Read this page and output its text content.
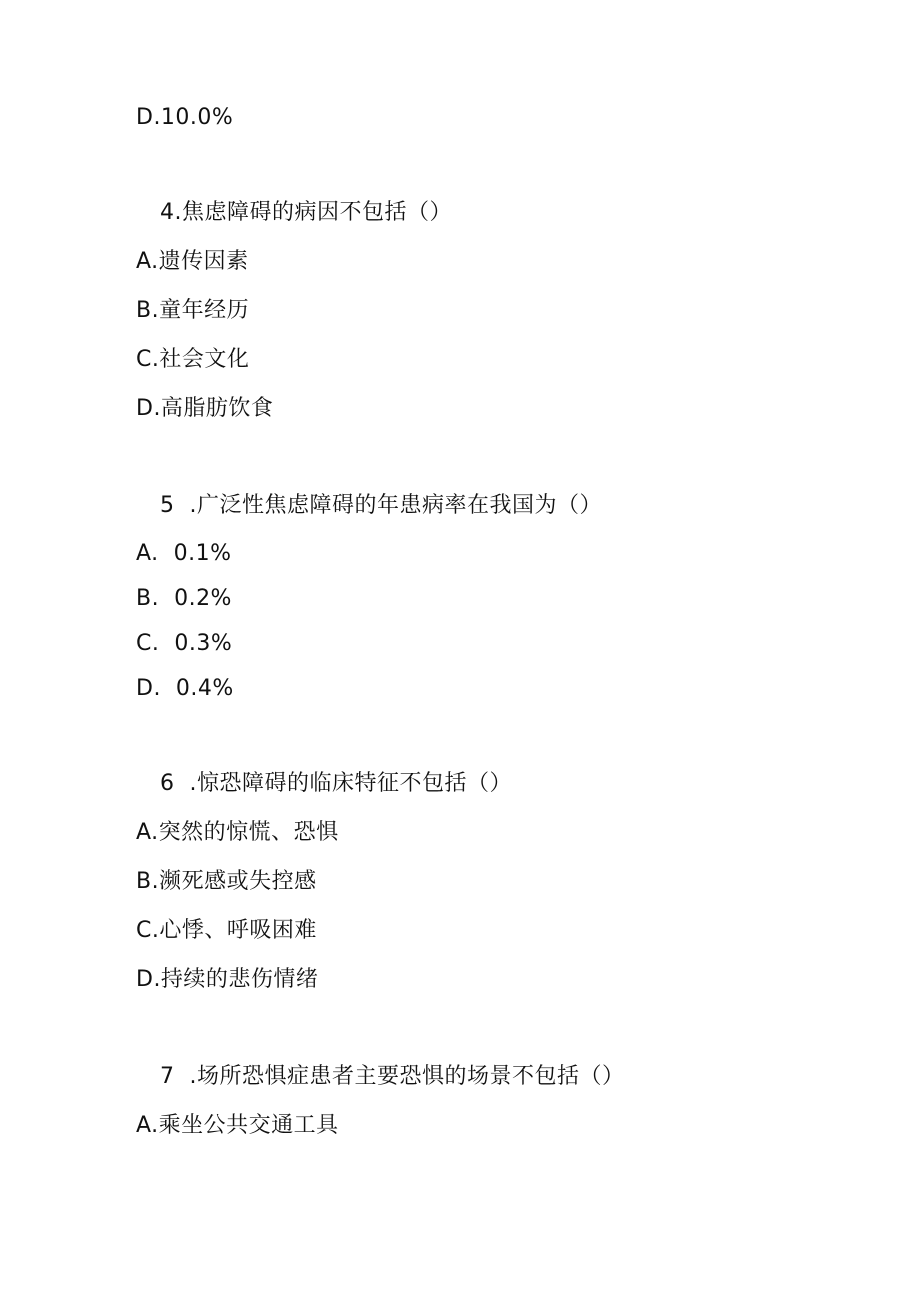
D.10.0%
4.焦虑障碍的病因不包括（）
A.遗传因素
B.童年经历
C.社会文化
D.高脂肪饮食
5  .广泛性焦虑障碍的年患病率在我国为（）
A.  0.1%
B.  0.2%
C.  0.3%
D.  0.4%
6  .惊恐障碍的临床特征不包括（）
A.突然的惊慌、恐惧
B.濒死感或失控感
C.心悸、呼吸困难
D.持续的悲伤情绪
7  .场所恐惧症患者主要恐惧的场景不包括（）
A.乘坐公共交通工具
